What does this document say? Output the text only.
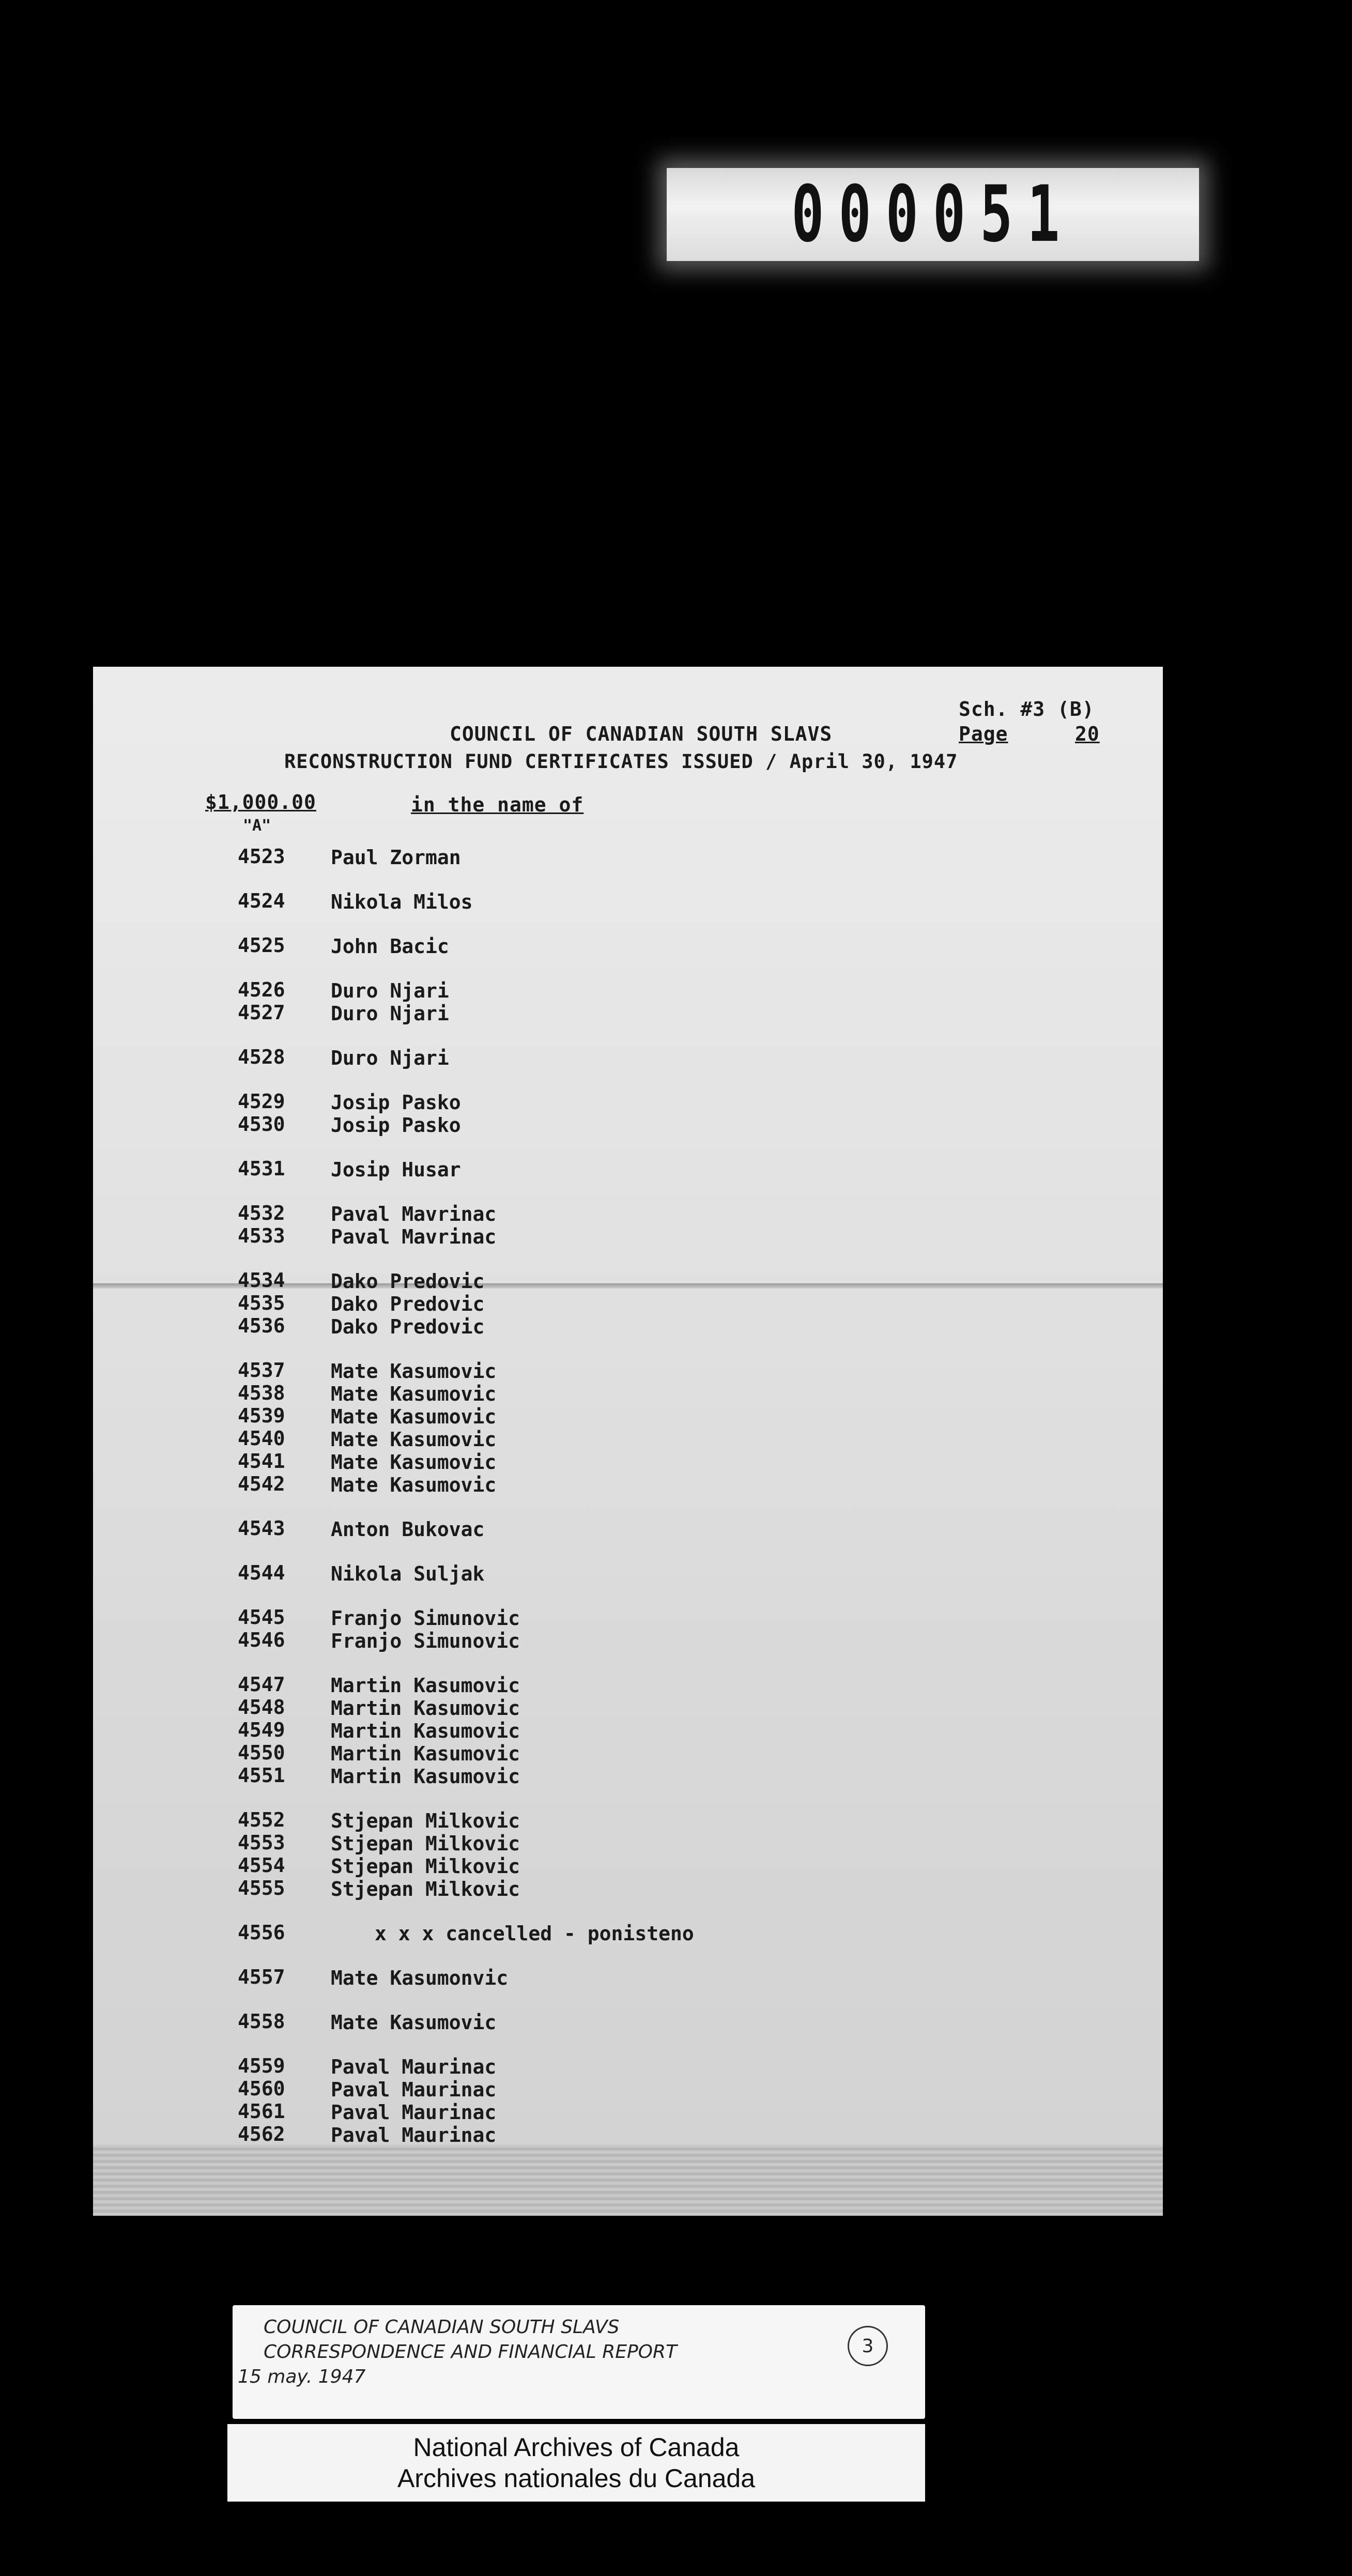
000051
Sch. #3 (B)
Page	20
COUNCIL OF CANADIAN SOUTH SLAVS
RECONSTRUCTION FUND CERTIFICATES ISSUED / April 30, 1947
$1,000.00	in the name of
"A"
4523 Paul Zorman
4524 Nikola Milos
4525 John Bacic
4526 Duro Njari
4527 Duro Njari
4528 Duro Njari
4529 Josip Pasko
4530 Josip Pasko
4531 Josip Husar
4532 Paval Mavrinac
4533 Paval Mavrinac
4534 Dako Predovic
4535 Dako Predovic
4536 Dako Predovic
4537 Mate Kasumovic
4538 Mate Kasumovic
4539 Mate Kasumovic
4540 Mate Kasumovic
4541 Mate Kasumovic
4542 Mate Kasumovic
4543 Anton Bukovac
4544 Nikola Suljak
4545 Franjo Simunovic
4546 Franjo Simunovic
4547 Martin Kasumovic
4548 Martin Kasumovic
4549 Martin Kasumovic
4550 Martin Kasumovic
4551 Martin Kasumovic
4552 Stjepan Milkovic
4553 Stjepan Milkovic
4554 Stjepan Milkovic
4555 Stjepan Milkovic
4556	x x x cancelled - ponisteno
4557 Mate Kasumonvic
4558 Mate Kasumovic
4559 Paval Maurinac
4560 Paval Maurinac
4561 Paval Maurinac
4562 Paval Maurinac
COUNCIL OF CANADIAN SOUTH SLAVS
CORRESPONDENCE AND FINANCIAL REPORT
15 may. 1947
3
National Archives of Canada
Archives nationales du Canada
